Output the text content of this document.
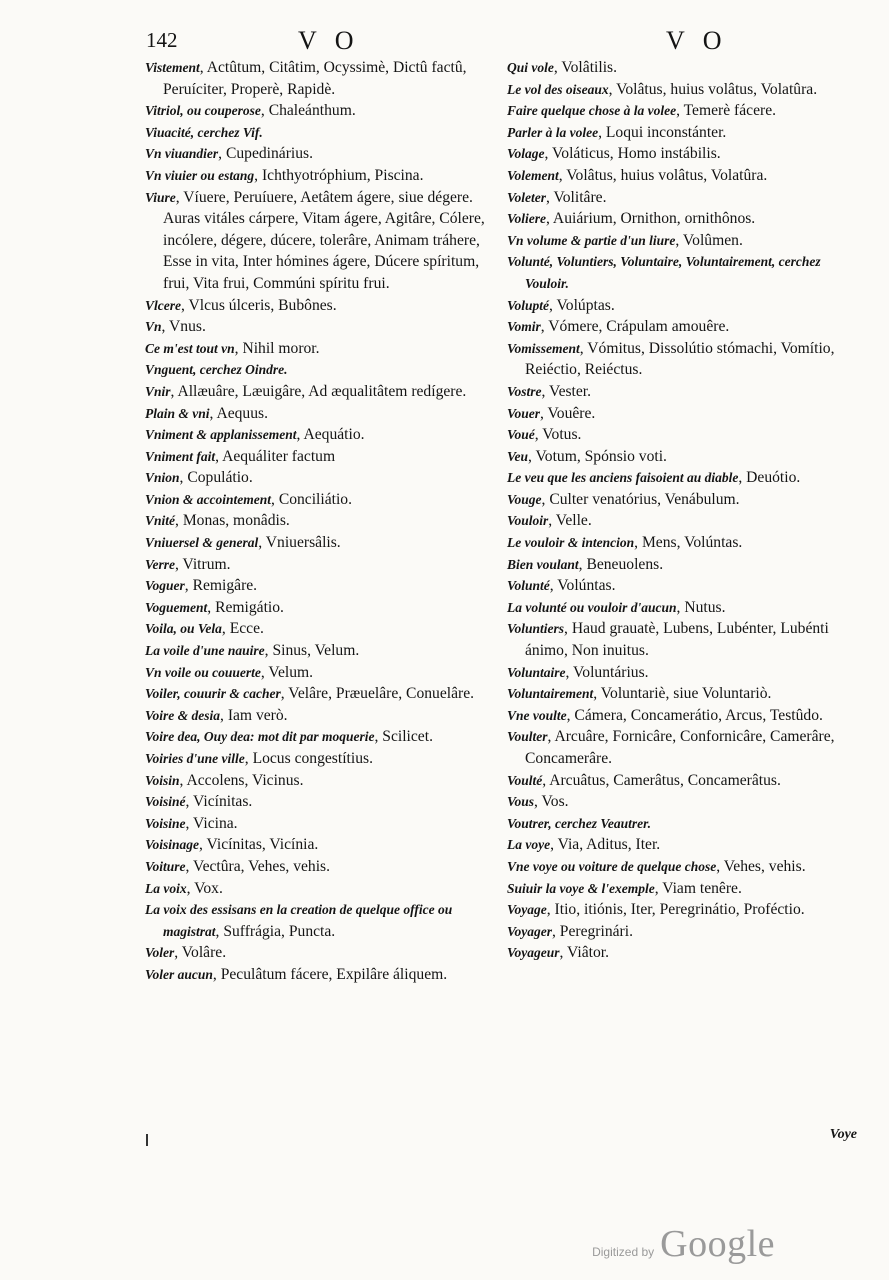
142	V O	V O
Vistement, Actûtum, Citâtim, Ocyssimè, Dictû factû, Peruíciter, Properè, Rapidè.
Vitriol, ou couperose, Chaleánthum.
Viuacité, cerchez Vif.
Vn viuandier, Cupedinárius.
Vn viuier ou estang, Ichthyotróphium, Piscina.
Viure, Víuere, Peruíuere, Aetâtem ágere, siue dégere. Auras vitáles cárpere, Vitam ágere, Agitâre, Cólere, incólere, dégere, dúcere, tolerâre, Animam tráhere, Esse in vita, Inter hómines ágere, Dúcere spíritum, frui, Vita frui, Commúni spíritu frui.
Vlcere, Vlcus úlceris, Bubônes.
Vn, Vnus.
Ce m'est tout vn, Nihil moror.
Vnguent, cerchez Oindre.
Vnir, Allæuâre, Læuigâre, Ad æqualitâtem redígere.
Plain & vni, Aequus.
Vniment & applanissement, Aequátio.
Vniment fait, Aequáliter factum
Vnion, Copulátio.
Vnion & accointement, Conciliátio.
Vnité, Monas, monâdis.
Vniuersel & general, Vniuersâlis.
Verre, Vitrum.
Voguer, Remigâre.
Voguement, Remigátio.
Voila, ou Vela, Ecce.
La voile d'une nauire, Sinus, Velum.
Vn voile ou couuerte, Velum.
Voiler, couurir & cacher, Velâre, Præuelâre, Conuelâre.
Voire & desia, Iam verò.
Voire dea, Ouy dea: mot dit par moquerie, Scilicet.
Voiries d'une ville, Locus congestítius.
Voisin, Accolens, Vicinus.
Voisiné, Vicínitas.
Voisine, Vicina.
Voisinage, Vicínitas, Vicínia.
Voiture, Vectûra, Vehes, vehis.
La voix, Vox.
La voix des essisans en la creation de quelque office ou magistrat, Suffrágia, Puncta.
Voler, Volâre.
Voler aucun, Peculâtum fácere, Expilâre áliquem.
Qui vole, Volâtilis.
Le vol des oiseaux, Volâtus, huius volâtus, Volatûra.
Faire quelque chose à la volee, Temerè fácere.
Parler à la volee, Loqui inconstánter.
Volage, Voláticus, Homo instábilis.
Volement, Volâtus, huius volâtus, Volatûra.
Voleter, Volitâre.
Voliere, Auiárium, Ornithon, ornithônos.
Vn volume & partie d'un liure, Volûmen.
Volunté, Voluntiers, Voluntaire, Voluntairement, cerchez Vouloir.
Volupté, Volúptas.
Vomir, Vómere, Crápulam amouêre.
Vomissement, Vómitus, Dissolútio stómachi, Vomítio, Reiéctio, Reiéctus.
Vostre, Vester.
Vouer, Vouêre.
Voué, Votus.
Veu, Votum, Spónsio voti.
Le veu que les anciens faisoient au diable, Deuótio.
Vouge, Culter venatórius, Venábulum.
Vouloir, Velle.
Le vouloir & intencion, Mens, Volúntas.
Bien voulant, Beneuolens.
Volunté, Volúntas.
La volunté ou vouloir d'aucun, Nutus.
Voluntiers, Haud grauatè, Lubens, Lubénter, Lubénti ánimo, Non inuitus.
Voluntaire, Voluntárius.
Voluntairement, Voluntariè, siue Voluntariò.
Vne voulte, Cámera, Concamerátio, Arcus, Testûdo.
Voulter, Arcuâre, Fornicâre, Confornicâre, Camerâre, Concamerâre.
Voulté, Arcuâtus, Camerâtus, Concamerâtus.
Vous, Vos.
Voutrer, cerchez Veautrer.
La voye, Via, Aditus, Iter.
Vne voye ou voiture de quelque chose, Vehes, vehis.
Suiuir la voye & l'exemple, Viam tenêre.
Voyage, Itio, itiónis, Iter, Peregrinátio, Proféctio.
Voyager, Peregrinári.
Voyageur, Viâtor.
Voye
Digitized by Google
